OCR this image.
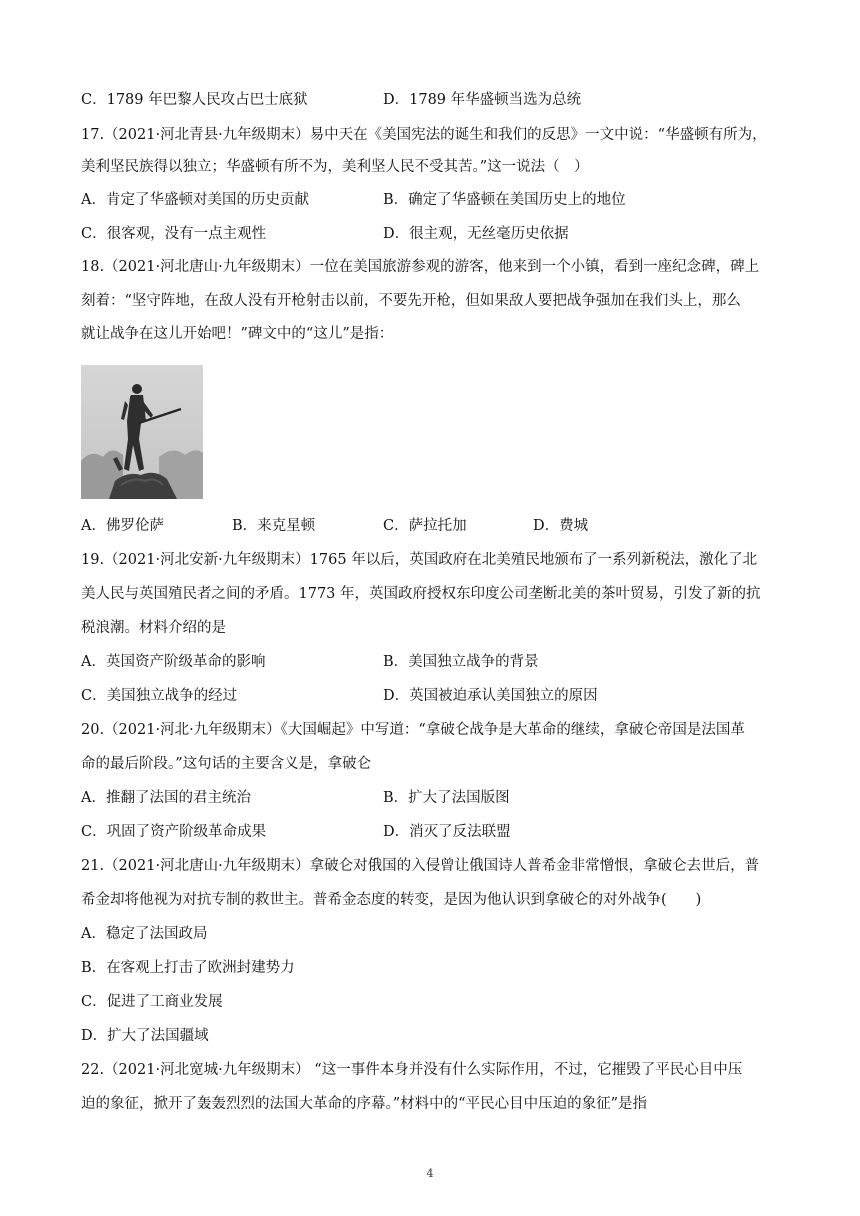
C．1789 年巴黎人民攻占巴士底狱	D．1789 年华盛顿当选为总统
17.（2021·河北青县·九年级期末）易中天在《美国宪法的诞生和我们的反思》一文中说：“华盛顿有所为，
美利坚民族得以独立；华盛顿有所不为，美利坚人民不受其苦。”这一说法（　）
A．肯定了华盛顿对美国的历史贡献	B．确定了华盛顿在美国历史上的地位
C．很客观，没有一点主观性	D．很主观，无丝毫历史依据
18.（2021·河北唐山·九年级期末）一位在美国旅游参观的游客，他来到一个小镇，看到一座纪念碑，碑上
刻着：“坚守阵地，在敌人没有开枪射击以前，不要先开枪，但如果敌人要把战争强加在我们头上，那么
就让战争在这儿开始吧！”碑文中的“这儿”是指：
A．佛罗伦萨	B．来克星顿	C．萨拉托加	D．费城
19.（2021·河北安新·九年级期末）1765 年以后，英国政府在北美殖民地颁布了一系列新税法，激化了北
美人民与英国殖民者之间的矛盾。1773 年，英国政府授权东印度公司垄断北美的茶叶贸易，引发了新的抗
税浪潮。材料介绍的是
A．英国资产阶级革命的影响	B．美国独立战争的背景
C．美国独立战争的经过	D．英国被迫承认美国独立的原因
20.（2021·河北·九年级期末）《大国崛起》中写道：“拿破仑战争是大革命的继续，拿破仑帝国是法国革
命的最后阶段。”这句话的主要含义是，拿破仑
A．推翻了法国的君主统治	B．扩大了法国版图
C．巩固了资产阶级革命成果	D．消灭了反法联盟
21.（2021·河北唐山·九年级期末）拿破仑对俄国的入侵曾让俄国诗人普希金非常憎恨，拿破仑去世后，普
希金却将他视为对抗专制的救世主。普希金态度的转变，是因为他认识到拿破仑的对外战争(　　)
A．稳定了法国政局
B．在客观上打击了欧洲封建势力
C．促进了工商业发展
D．扩大了法国疆域
22.（2021·河北宽城·九年级期末） “这一事件本身并没有什么实际作用，不过，它摧毁了平民心目中压
迫的象征，掀开了轰轰烈烈的法国大革命的序幕。”材料中的“平民心目中压迫的象征”是指
4
